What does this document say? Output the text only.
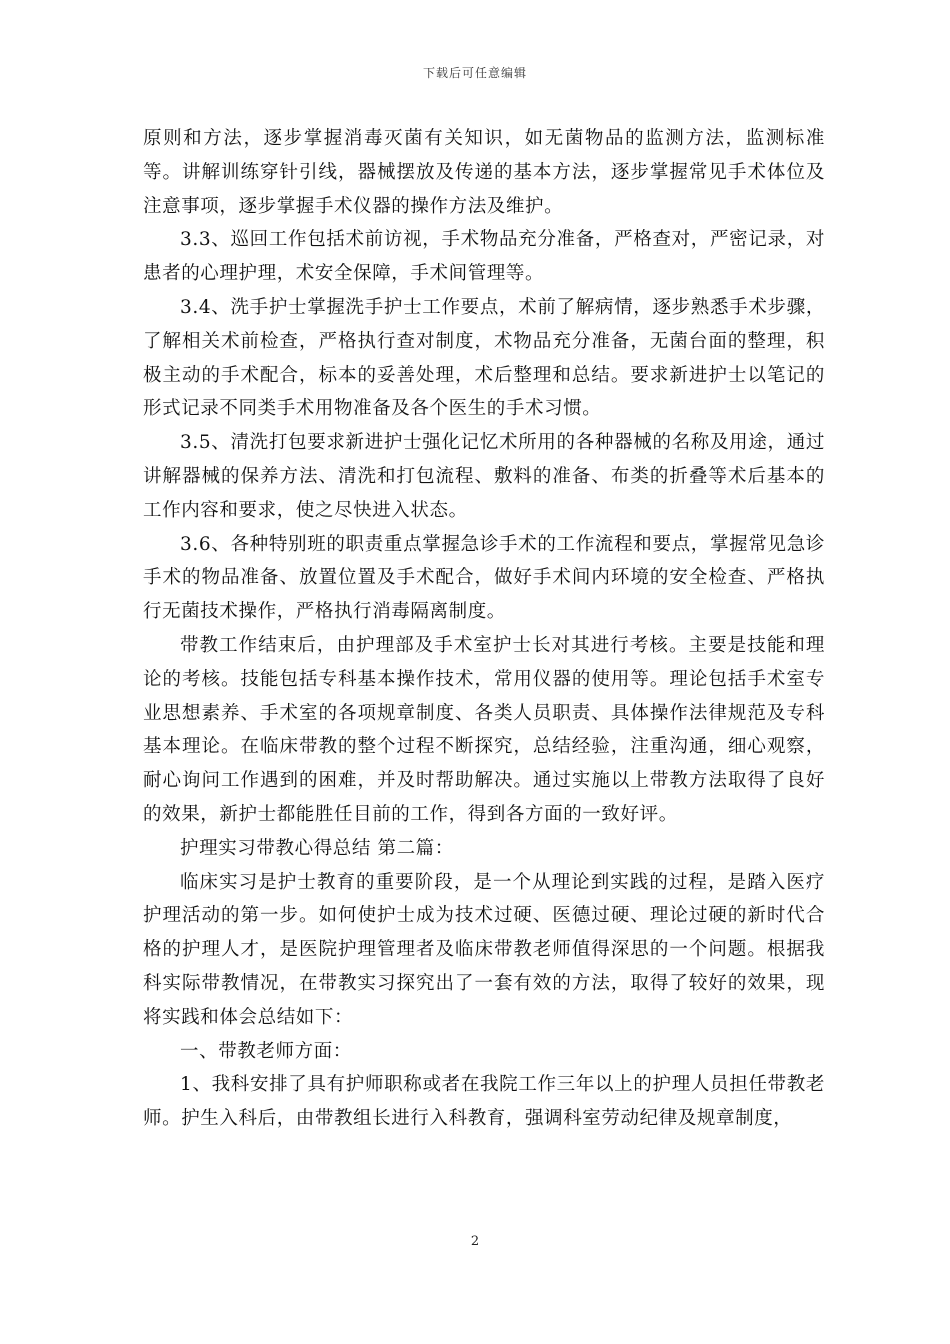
下载后可任意编辑

原则和方法，逐步掌握消毒灭菌有关知识，如无菌物品的监测方法，监测标准等。讲解训练穿针引线，器械摆放及传递的基本方法，逐步掌握常见手术体位及注意事项，逐步掌握手术仪器的操作方法及维护。

3.3、巡回工作包括术前访视，手术物品充分准备，严格查对，严密记录，对患者的心理护理，术安全保障，手术间管理等。

3.4、洗手护士掌握洗手护士工作要点，术前了解病情，逐步熟悉手术步骤，了解相关术前检查，严格执行查对制度，术物品充分准备，无菌台面的整理，积极主动的手术配合，标本的妥善处理，术后整理和总结。要求新进护士以笔记的形式记录不同类手术用物准备及各个医生的手术习惯。

3.5、清洗打包要求新进护士强化记忆术所用的各种器械的名称及用途，通过讲解器械的保养方法、清洗和打包流程、敷料的准备、布类的折叠等术后基本的工作内容和要求，使之尽快进入状态。

3.6、各种特别班的职责重点掌握急诊手术的工作流程和要点，掌握常见急诊手术的物品准备、放置位置及手术配合，做好手术间内环境的安全检查、严格执行无菌技术操作，严格执行消毒隔离制度。

带教工作结束后，由护理部及手术室护士长对其进行考核。主要是技能和理论的考核。技能包括专科基本操作技术，常用仪器的使用等。理论包括手术室专业思想素养、手术室的各项规章制度、各类人员职责、具体操作法律规范及专科基本理论。在临床带教的整个过程不断探究，总结经验，注重沟通，细心观察，耐心询问工作遇到的困难，并及时帮助解决。通过实施以上带教方法取得了良好的效果，新护士都能胜任目前的工作，得到各方面的一致好评。

护理实习带教心得总结 第二篇：

临床实习是护士教育的重要阶段，是一个从理论到实践的过程，是踏入医疗护理活动的第一步。如何使护士成为技术过硬、医德过硬、理论过硬的新时代合格的护理人才，是医院护理管理者及临床带教老师值得深思的一个问题。根据我科实际带教情况，在带教实习探究出了一套有效的方法，取得了较好的效果，现将实践和体会总结如下：

一、带教老师方面：

1、我科安排了具有护师职称或者在我院工作三年以上的护理人员担任带教老师。护生入科后，由带教组长进行入科教育，强调科室劳动纪律及规章制度，

2
